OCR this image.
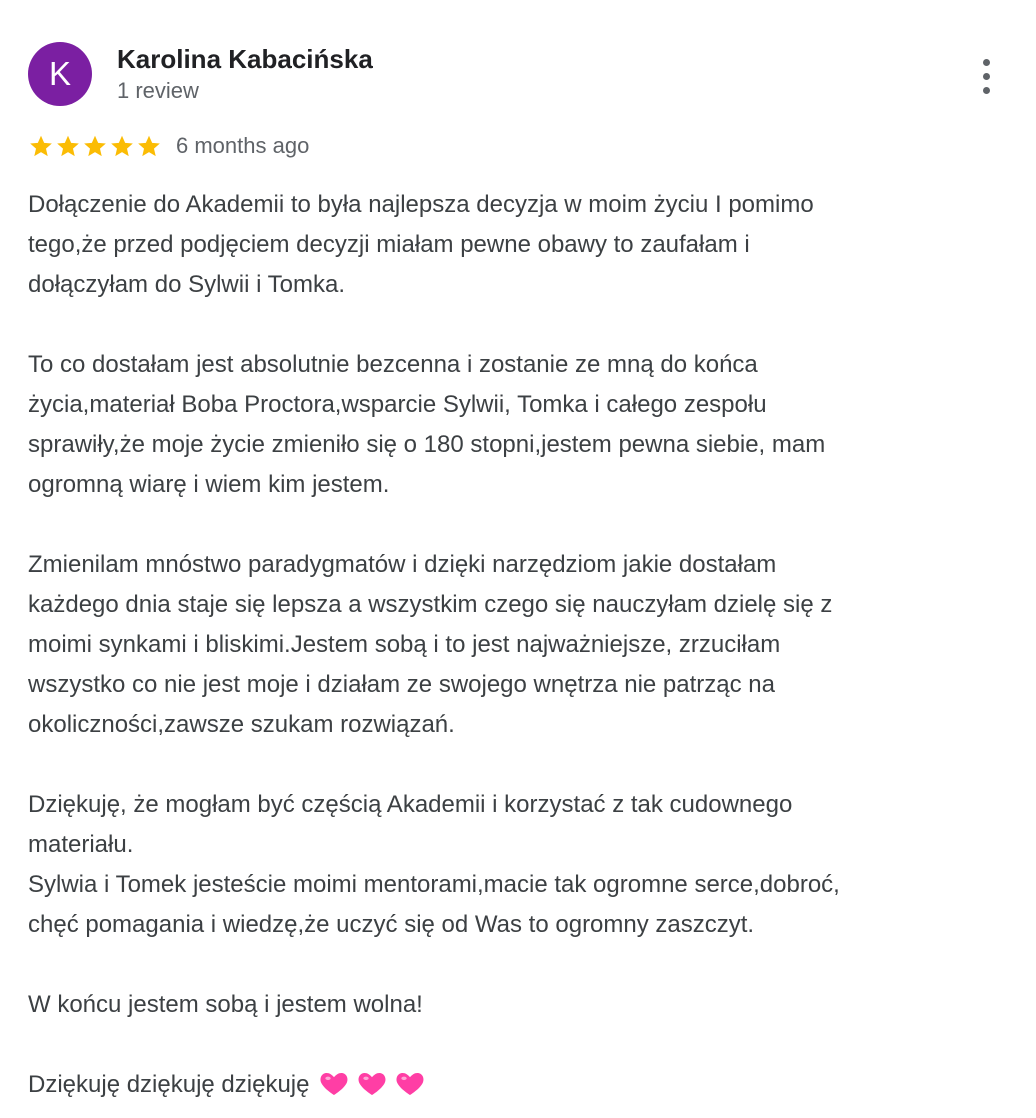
K Karolina Kabacińska
1 review
6 months ago
Dołączenie do Akademii to była najlepsza decyzja w moim życiu I pomimo
tego,że przed podjęciem decyzji miałam pewne obawy to zaufałam i
dołączyłam do Sylwii i Tomka.
To co dostałam jest absolutnie bezcenna i zostanie ze mną do końca
życia,materiał Boba Proctora,wsparcie Sylwii, Tomka i całego zespołu
sprawiły,że moje życie zmieniło się o 180 stopni,jestem pewna siebie, mam
ogromną wiarę i wiem kim jestem.
Zmienilam mnóstwo paradygmatów i dzięki narzędziom jakie dostałam
każdego dnia staje się lepsza a wszystkim czego się nauczyłam dzielę się z
moimi synkami i bliskimi.Jestem sobą i to jest najważniejsze, zrzuciłam
wszystko co nie jest moje i działam ze swojego wnętrza nie patrząc na
okoliczności,zawsze szukam rozwiązań.
Dziękuję, że mogłam być częścią Akademii i korzystać z tak cudownego
materiału.
Sylwia i Tomek jesteście moimi mentorami,macie tak ogromne serce,dobroć,
chęć pomagania i wiedzę,że uczyć się od Was to ogromny zaszczyt.
W końcu jestem sobą i jestem wolna!
Dziękuję dziękuję dziękuję
